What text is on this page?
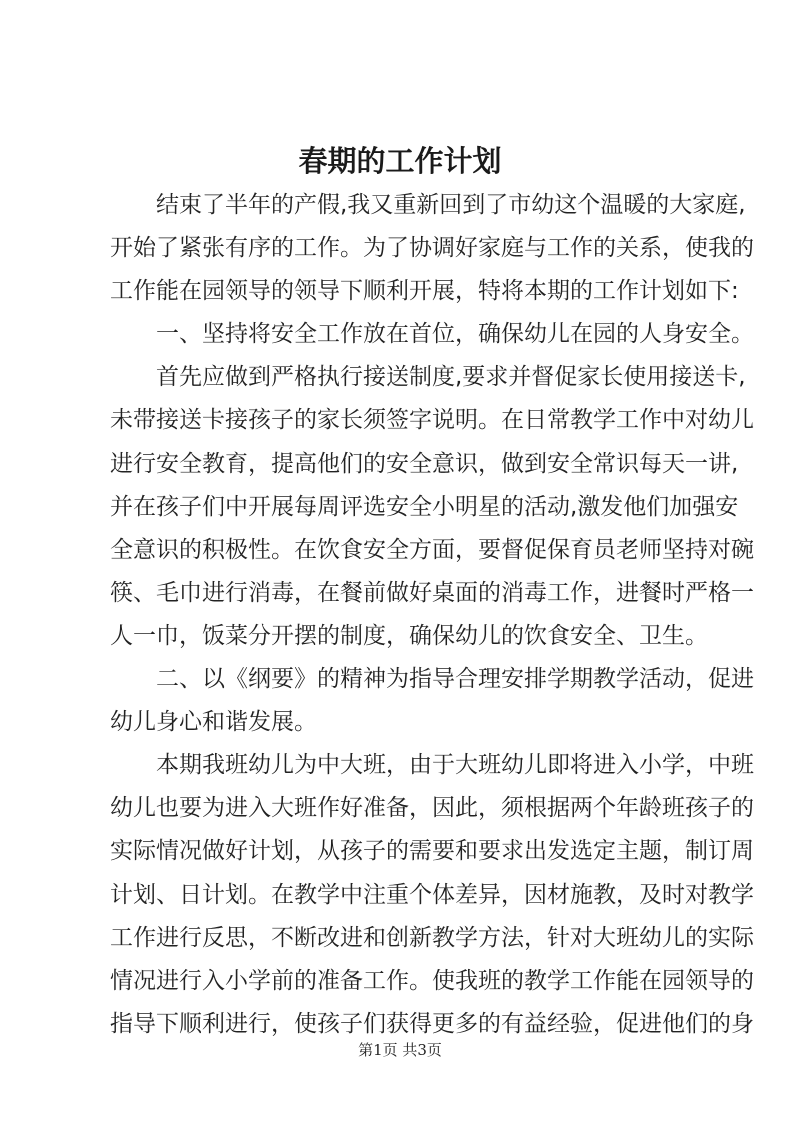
春期的工作计划
结束了半年的产假,我又重新回到了市幼这个温暖的大家庭,
开始了紧张有序的工作。为了协调好家庭与工作的关系，使我的
工作能在园领导的领导下顺利开展，特将本期的工作计划如下:
一、坚持将安全工作放在首位，确保幼儿在园的人身安全。
首先应做到严格执行接送制度,要求并督促家长使用接送卡,
未带接送卡接孩子的家长须签字说明。在日常教学工作中对幼儿
进行安全教育，提高他们的安全意识，做到安全常识每天一讲,
并在孩子们中开展每周评选安全小明星的活动,激发他们加强安
全意识的积极性。在饮食安全方面，要督促保育员老师坚持对碗
筷、毛巾进行消毒，在餐前做好桌面的消毒工作，进餐时严格一
人一巾，饭菜分开摆的制度，确保幼儿的饮食安全、卫生。
二、以《纲要》的精神为指导合理安排学期教学活动，促进
幼儿身心和谐发展。
本期我班幼儿为中大班，由于大班幼儿即将进入小学，中班
幼儿也要为进入大班作好准备，因此，须根据两个年龄班孩子的
实际情况做好计划，从孩子的需要和要求出发选定主题，制订周
计划、日计划。在教学中注重个体差异，因材施教，及时对教学
工作进行反思，不断改进和创新教学方法，针对大班幼儿的实际
情况进行入小学前的准备工作。使我班的教学工作能在园领导的
指导下顺利进行，使孩子们获得更多的有益经验，促进他们的身
第1页 共3页
